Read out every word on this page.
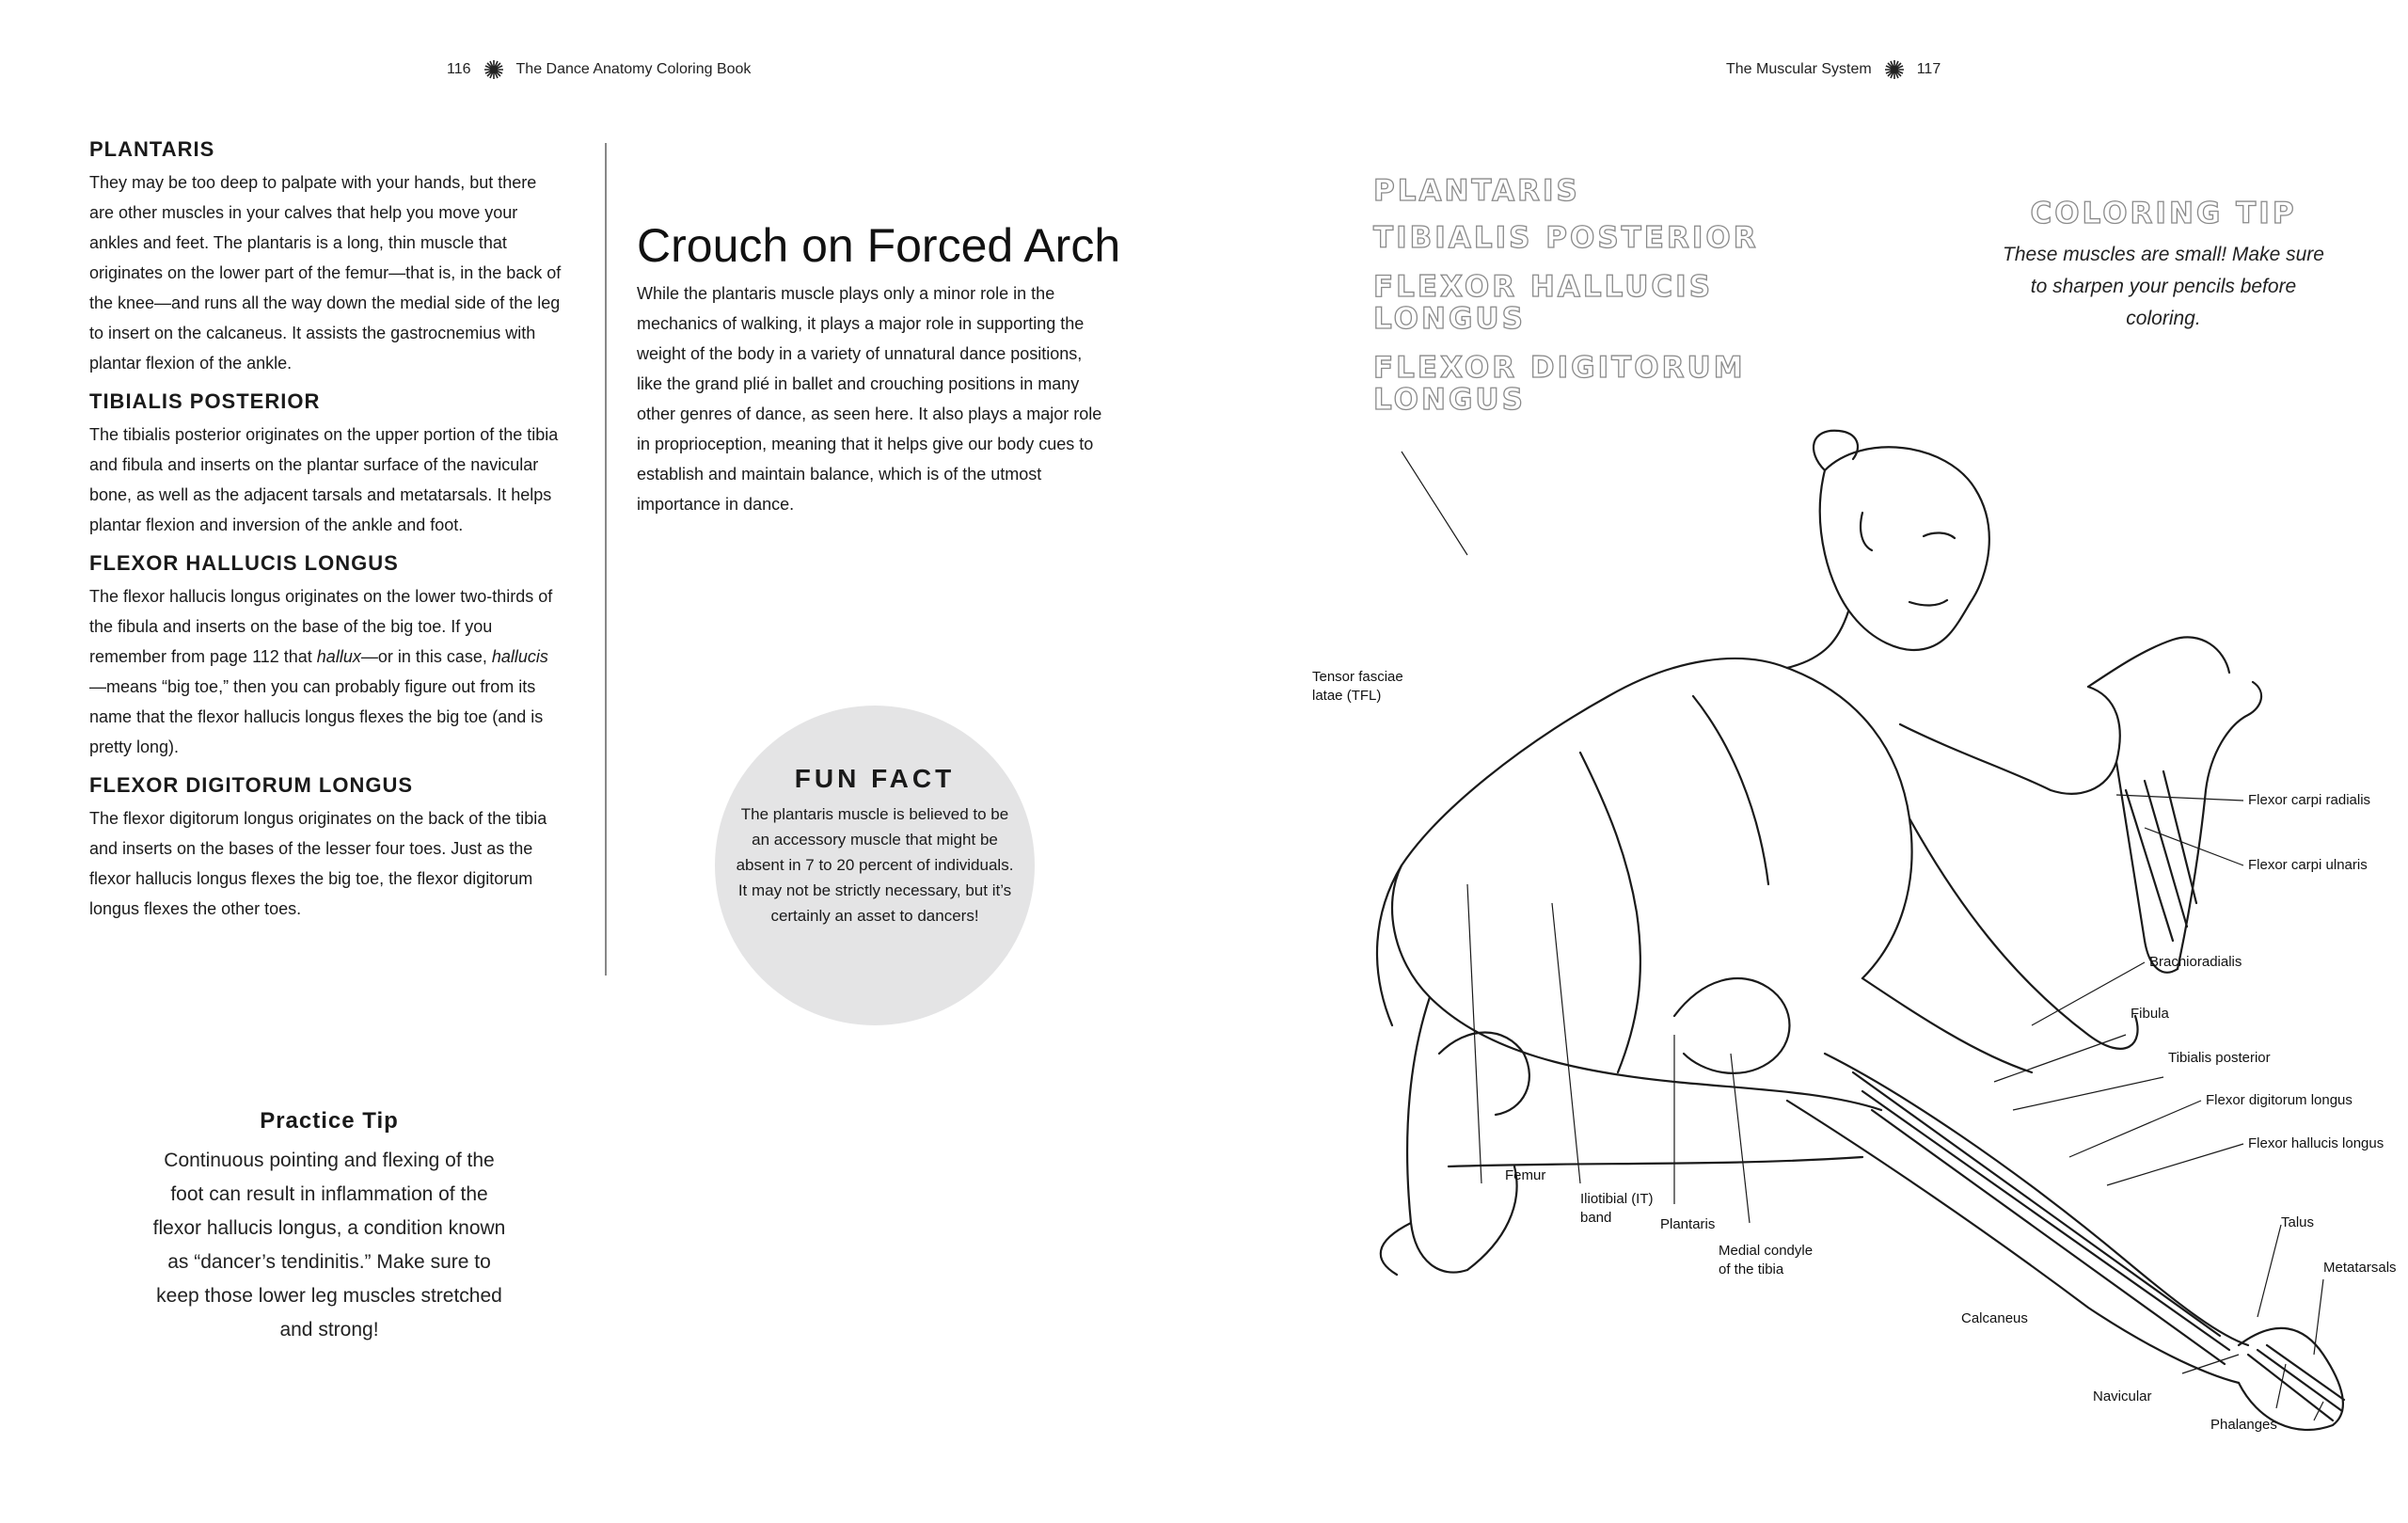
116	The Dance Anatomy Coloring Book	The Muscular System	117
PLANTARIS

They may be too deep to palpate with your hands, but there are other muscles in your calves that help you move your ankles and feet. The plantaris is a long, thin muscle that originates on the lower part of the femur—that is, in the back of the knee—and runs all the way down the medial side of the leg to insert on the calcaneus. It assists the gastrocnemius with plantar flexion of the ankle.

TIBIALIS POSTERIOR

The tibialis posterior originates on the upper portion of the tibia and fibula and inserts on the plantar surface of the navicular bone, as well as the adjacent tarsals and metatarsals. It helps plantar flexion and inversion of the ankle and foot.

FLEXOR HALLUCIS LONGUS

The flexor hallucis longus originates on the lower two-thirds of the fibula and inserts on the base of the big toe. If you remember from page 112 that hallux—or in this case, hallucis—means “big toe,” then you can probably figure out from its name that the flexor hallucis longus flexes the big toe (and is pretty long).

FLEXOR DIGITORUM LONGUS

The flexor digitorum longus originates on the back of the tibia and inserts on the bases of the lesser four toes. Just as the flexor hallucis longus flexes the big toe, the flexor digitorum longus flexes the other toes.

Crouch on Forced Arch
While the plantaris muscle plays only a minor role in the mechanics of walking, it plays a major role in supporting the weight of the body in a variety of unnatural dance positions, like the grand plié in ballet and crouching positions in many other genres of dance, as seen here. It also plays a major role in proprioception, meaning that it helps give our body cues to establish and maintain balance, which is of the utmost importance in dance.
FUN FACT
The plantaris muscle is believed to be an accessory muscle that might be absent in 7 to 20 percent of individuals. It may not be strictly necessary, but it’s certainly an asset to dancers!
Practice Tip
Continuous pointing and flexing of the foot can result in inflammation of the flexor hallucis longus, a condition known as “dancer’s tendinitis.” Make sure to keep those lower leg muscles stretched and strong!
PLANTARIS
TIBIALIS POSTERIOR
FLEXOR HALLUCIS LONGUS
FLEXOR DIGITORUM LONGUS
COLORING TIP
These muscles are small! Make sure to sharpen your pencils before coloring.
Tensor fasciae latae (TFL)
Flexor carpi radialis
Flexor carpi ulnaris
Brachioradialis
Fibula
Tibialis posterior
Flexor digitorum longus
Flexor hallucis longus
Talus
Metatarsals
Femur
Iliotibial (IT) band	Plantaris
Medial condyle of the tibia
Calcaneus
Navicular
Phalanges
